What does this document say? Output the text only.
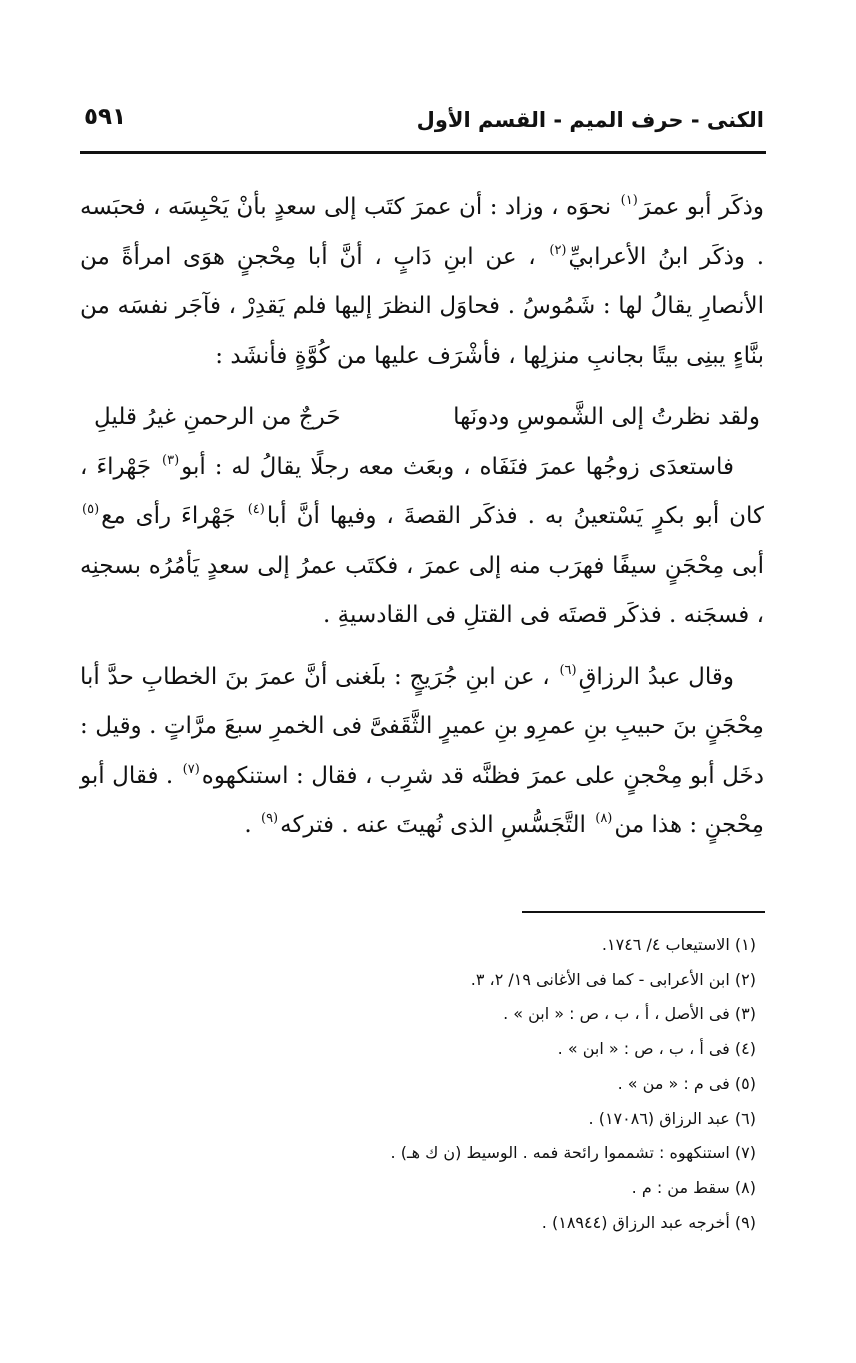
الكنى - حرف الميم - القسم الأول
٥٩١

وذكَر أبو عمرَ$^{(١)}$ نحوَه ، وزاد : أن عمرَ كتَب إلى سعدٍ بأنْ يَحْبِسَه ، فحبَسه . وذكَر ابنُ الأعرابيِّ$^{(٢)}$ ، عن ابنِ دَابٍ ، أنَّ أبا مِحْجنٍ هوَى امرأةً من الأنصارِ يقالُ لها : شَمُوسُ . فحاوَل النظرَ إليها فلم يَقدِرْ ، فآجَر نفسَه من بنَّاءٍ يبنِى بيتًا بجانبِ منزلِها ، فأشْرَف عليها من كُوَّةٍ فأنشَد :

ولقد نظرتُ إلى الشَّموسِ ودونَها
حَرجٌ من الرحمنِ غيرُ قليلِ

فاستعدَى زوجُها عمرَ فنَفَاه ، وبعَث معه رجلًا يقالُ له : أبو$^{(٣)}$ جَهْراءَ ، كان أبو بكرٍ يَسْتعينُ به . فذكَر القصةَ ، وفيها أنَّ أبا$^{(٤)}$ جَهْراءَ رأى مع$^{(٥)}$ أبى مِحْجَنٍ سيفًا فهرَب منه إلى عمرَ ، فكتَب عمرُ إلى سعدٍ يَأمُرُه بسجنِه ، فسجَنه . فذكَر قصتَه فى القتلِ فى القادسيةِ .

وقال عبدُ الرزاقِ$^{(٦)}$ ، عن ابنِ جُرَيجٍ : بلَغنى أنَّ عمرَ بنَ الخطابِ حدَّ أبا مِحْجَنٍ بنَ حبيبِ بنِ عمرِو بنِ عميرٍ الثَّقَفىَّ فى الخمرِ سبعَ مرَّاتٍ . وقيل : دخَل أبو مِحْجنٍ على عمرَ فظنَّه قد شرِب ، فقال : استنكهوه$^{(٧)}$ . فقال أبو مِحْجنٍ : هذا من$^{(٨)}$ التَّجَسُّسِ الذى نُهيتَ عنه . فتركه$^{(٩)}$ .

(١) الاستيعاب ٤/ ١٧٤٦.
(٢) ابن الأعرابى - كما فى الأغانى ١٩/ ٢، ٣.
(٣) فى الأصل ، أ ، ب ، ص : « ابن » .
(٤) فى أ ، ب ، ص : « ابن » .
(٥) فى م : « من » .
(٦) عبد الرزاق (١٧٠٨٦) .
(٧) استنكهوه : تشمموا رائحة فمه . الوسيط (ن ك هـ) .
(٨) سقط من : م .
(٩) أخرجه عبد الرزاق (١٨٩٤٤) .
